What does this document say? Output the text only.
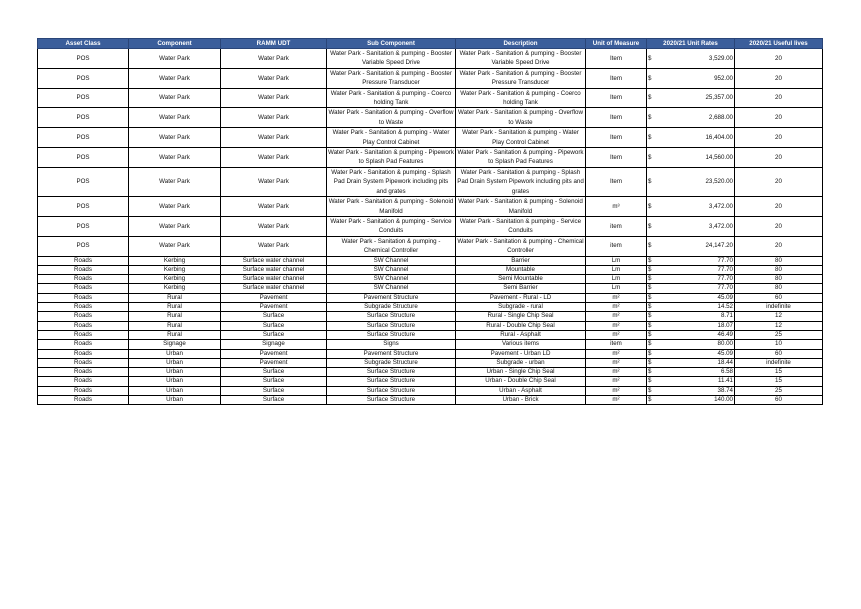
Asset Class	Component	RAMM UDT	Sub Component	Description	Unit of Measure	2020/21 Unit Rates	2020/21 Useful lives
POS	Water Park	Water Park	Water Park - Sanitation & pumping - Booster Variable Speed Drive	Water Park - Sanitation & pumping - Booster Variable Speed Drive	Item	$ 3,529.00	20
POS	Water Park	Water Park	Water Park - Sanitation & pumping - Booster Pressure Transducer	Water Park - Sanitation & pumping - Booster Pressure Transducer	Item	$ 952.00	20
POS	Water Park	Water Park	Water Park - Sanitation & pumping - Coerco holding Tank	Water Park - Sanitation & pumping - Coerco holding Tank	Item	$ 25,357.00	20
POS	Water Park	Water Park	Water Park - Sanitation & pumping - Overflow to Waste	Water Park - Sanitation & pumping - Overflow to Waste	Item	$ 2,688.00	20
POS	Water Park	Water Park	Water Park - Sanitation & pumping - Water Play Control Cabinet	Water Park - Sanitation & pumping - Water Play Control Cabinet	Item	$ 16,404.00	20
POS	Water Park	Water Park	Water Park - Sanitation & pumping - Pipework to Splash Pad Features	Water Park - Sanitation & pumping - Pipework to Splash Pad Features	Item	$ 14,560.00	20
POS	Water Park	Water Park	Water Park - Sanitation & pumping - Splash Pad Drain System Pipework including pits and grates	Water Park - Sanitation & pumping - Splash Pad Drain System Pipework including pits and grates	Item	$ 23,520.00	20
POS	Water Park	Water Park	Water Park - Sanitation & pumping - Solenoid Manifold	Water Park - Sanitation & pumping - Solenoid Manifold	m³	$ 3,472.00	20
POS	Water Park	Water Park	Water Park - Sanitation & pumping - Service Conduits	Water Park - Sanitation & pumping - Service Conduits	item	$ 3,472.00	20
POS	Water Park	Water Park	Water Park - Sanitation & pumping - Chemical Controller	Water Park - Sanitation & pumping - Chemical Controller	item	$ 24,147.20	20
Roads	Kerbing	Surface water channel	SW Channel	Barrier	Lm	$ 77.70	80
Roads	Kerbing	Surface water channel	SW Channel	Mountable	Lm	$ 77.70	80
Roads	Kerbing	Surface water channel	SW Channel	Semi Mountable	Lm	$ 77.70	80
Roads	Kerbing	Surface water channel	SW Channel	Semi Barrier	Lm	$ 77.70	80
Roads	Rural	Pavement	Pavement Structure	Pavement - Rural - LD	m²	$ 45.09	60
Roads	Rural	Pavement	Subgrade Structure	Subgrade - rural	m²	$ 14.52	indefinite
Roads	Rural	Surface	Surface Structure	Rural - Single Chip Seal	m²	$ 8.71	12
Roads	Rural	Surface	Surface Structure	Rural - Double Chip Seal	m²	$ 18.07	12
Roads	Rural	Surface	Surface Structure	Rural - Asphalt	m²	$ 46.49	25
Roads	Signage	Signage	Signs	Various items	item	$ 80.00	10
Roads	Urban	Pavement	Pavement Structure	Pavement - Urban LD	m²	$ 45.09	60
Roads	Urban	Pavement	Subgrade Structure	Subgrade - urban	m²	$ 18.44	indefinite
Roads	Urban	Surface	Surface Structure	Urban - Single Chip Seal	m²	$ 6.58	15
Roads	Urban	Surface	Surface Structure	Urban - Double Chip Seal	m²	$ 11.41	15
Roads	Urban	Surface	Surface Structure	Urban - Asphalt	m²	$ 38.74	25
Roads	Urban	Surface	Surface Structure	Urban - Brick	m²	$ 140.00	60
